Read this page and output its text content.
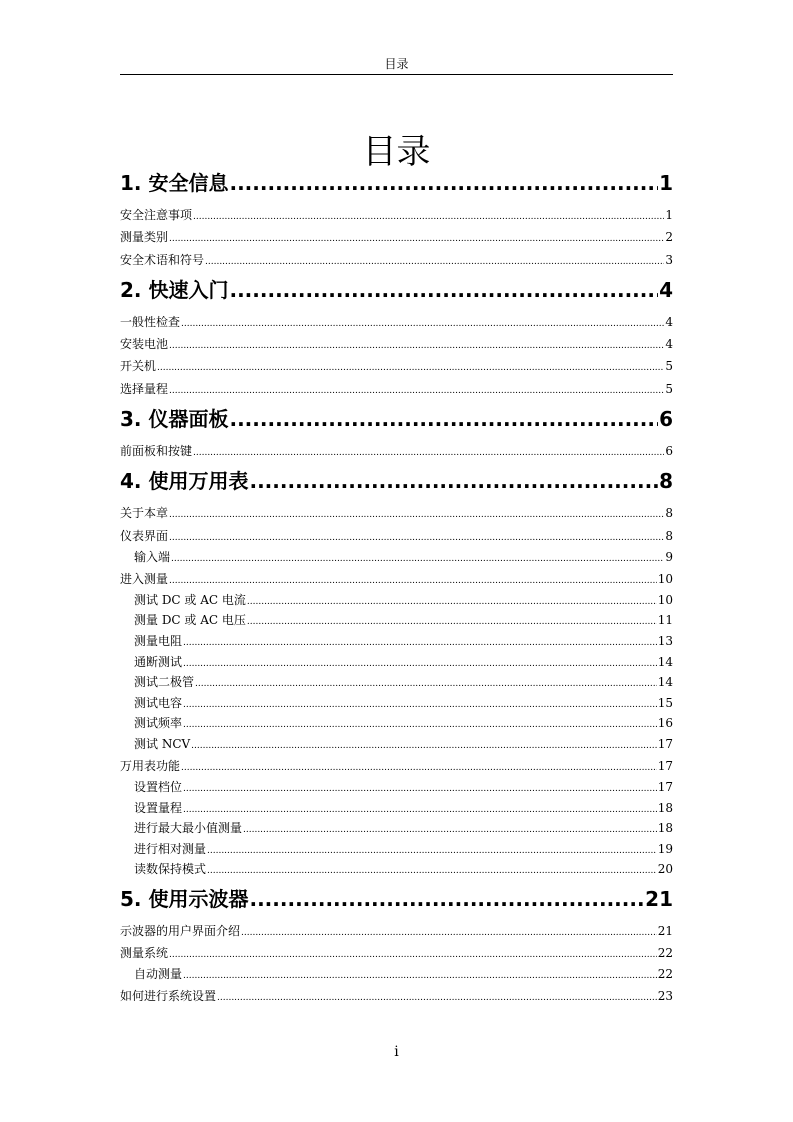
目录
目录
1. 安全信息 .....	1
安全注意事项 .....	1
测量类别 .....	2
安全术语和符号 .....	3
2. 快速入门 .....	4
一般性检查 .....	4
安装电池 .....	4
开关机 .....	5
选择量程 .....	5
3. 仪器面板 .....	6
前面板和按键 .....	6
4. 使用万用表 .....	8
关于本章 .....	8
仪表界面 .....	8
输入端 .....	9
进入测量 .....	10
测试 DC 或 AC 电流 .....	10
测量 DC 或 AC 电压 .....	11
测量电阻 .....	13
通断测试 .....	14
测试二极管 .....	14
测试电容 .....	15
测试频率 .....	16
测试 NCV .....	17
万用表功能 .....	17
设置档位 .....	17
设置量程 .....	18
进行最大最小值测量 .....	18
进行相对测量 .....	19
读数保持模式 .....	20
5. 使用示波器 .....	21
示波器的用户界面介绍 .....	21
测量系统 .....	22
自动测量 .....	22
如何进行系统设置 .....	23
i
